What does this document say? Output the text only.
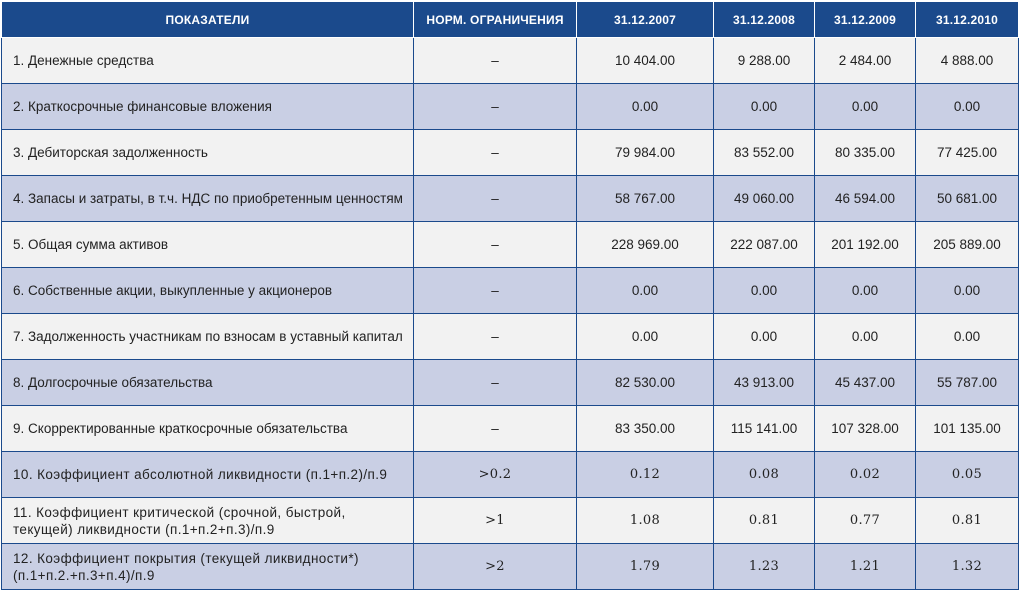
ПОКАЗАТЕЛИ	НОРМ. ОГРАНИЧЕНИЯ	31.12.2007	31.12.2008	31.12.2009	31.12.2010
1. Денежные средства	–	10 404.00	9 288.00	2 484.00	4 888.00
2. Краткосрочные финансовые вложения	–	0.00	0.00	0.00	0.00
3. Дебиторская задолженность	–	79 984.00	83 552.00	80 335.00	77 425.00
4. Запасы и затраты, в т.ч. НДС по приобретенным ценностям	–	58 767.00	49 060.00	46 594.00	50 681.00
5. Общая сумма активов	–	228 969.00	222 087.00	201 192.00	205 889.00
6. Собственные акции, выкупленные у акционеров	–	0.00	0.00	0.00	0.00
7. Задолженность участникам по взносам в уставный капитал	–	0.00	0.00	0.00	0.00
8. Долгосрочные обязательства	–	82 530.00	43 913.00	45 437.00	55 787.00
9. Скорректированные краткосрочные обязательства	–	83 350.00	115 141.00	107 328.00	101 135.00
10. Коэффициент абсолютной ликвидности (п.1+п.2)/п.9	>0.2	0.12	0.08	0.02	0.05
11. Коэффициент критической (срочной, быстрой, текущей) ликвидности (п.1+п.2+п.3)/п.9	>1	1.08	0.81	0.77	0.81
12. Коэффициент покрытия (текущей ликвидности*) (п.1+п.2.+п.3+п.4)/п.9	>2	1.79	1.23	1.21	1.32
